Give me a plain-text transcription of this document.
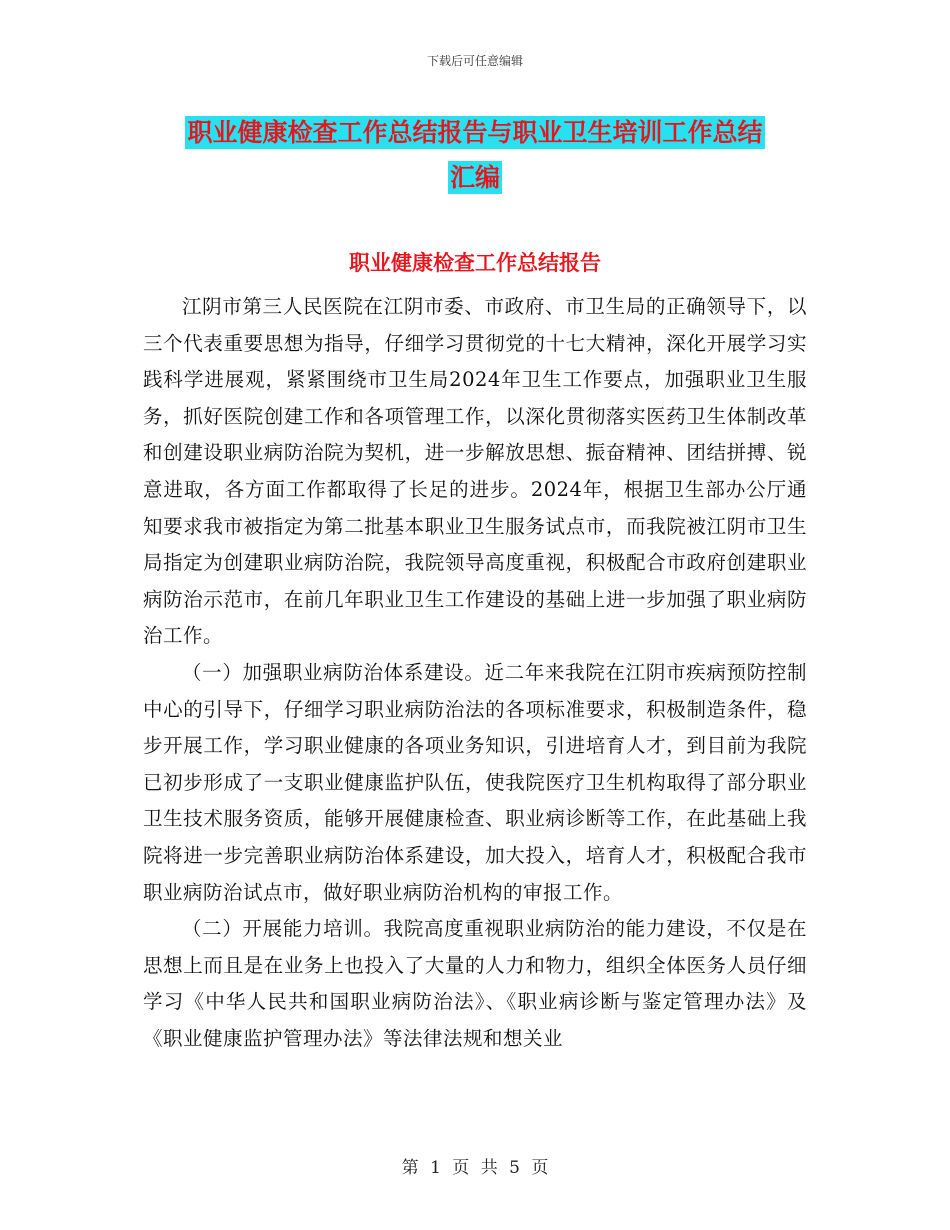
下载后可任意编辑
职业健康检查工作总结报告与职业卫生培训工作总结
汇编
职业健康检查工作总结报告

江阴市第三人民医院在江阴市委、市政府、市卫生局的正确领导下，以三个代表重要思想为指导，仔细学习贯彻党的十七大精神，深化开展学习实践科学进展观，紧紧围绕市卫生局2024年卫生工作要点，加强职业卫生服务，抓好医院创建工作和各项管理工作，以深化贯彻落实医药卫生体制改革和创建设职业病防治院为契机，进一步解放思想、振奋精神、团结拼搏、锐意进取，各方面工作都取得了长足的进步。2024年，根据卫生部办公厅通知要求我市被指定为第二批基本职业卫生服务试点市，而我院被江阴市卫生局指定为创建职业病防治院，我院领导高度重视，积极配合市政府创建职业病防治示范市，在前几年职业卫生工作建设的基础上进一步加强了职业病防治工作。

（一）加强职业病防治体系建设。近二年来我院在江阴市疾病预防控制中心的引导下，仔细学习职业病防治法的各项标准要求，积极制造条件，稳步开展工作，学习职业健康的各项业务知识，引进培育人才，到目前为我院已初步形成了一支职业健康监护队伍，使我院医疗卫生机构取得了部分职业卫生技术服务资质，能够开展健康检查、职业病诊断等工作，在此基础上我院将进一步完善职业病防治体系建设，加大投入，培育人才，积极配合我市职业病防治试点市，做好职业病防治机构的审报工作。

（二）开展能力培训。我院高度重视职业病防治的能力建设，不仅是在思想上而且是在业务上也投入了大量的人力和物力，组织全体医务人员仔细学习《中华人民共和国职业病防治法》、《职业病诊断与鉴定管理办法》及《职业健康监护管理办法》等法律法规和想关业

第 1 页 共 5 页
